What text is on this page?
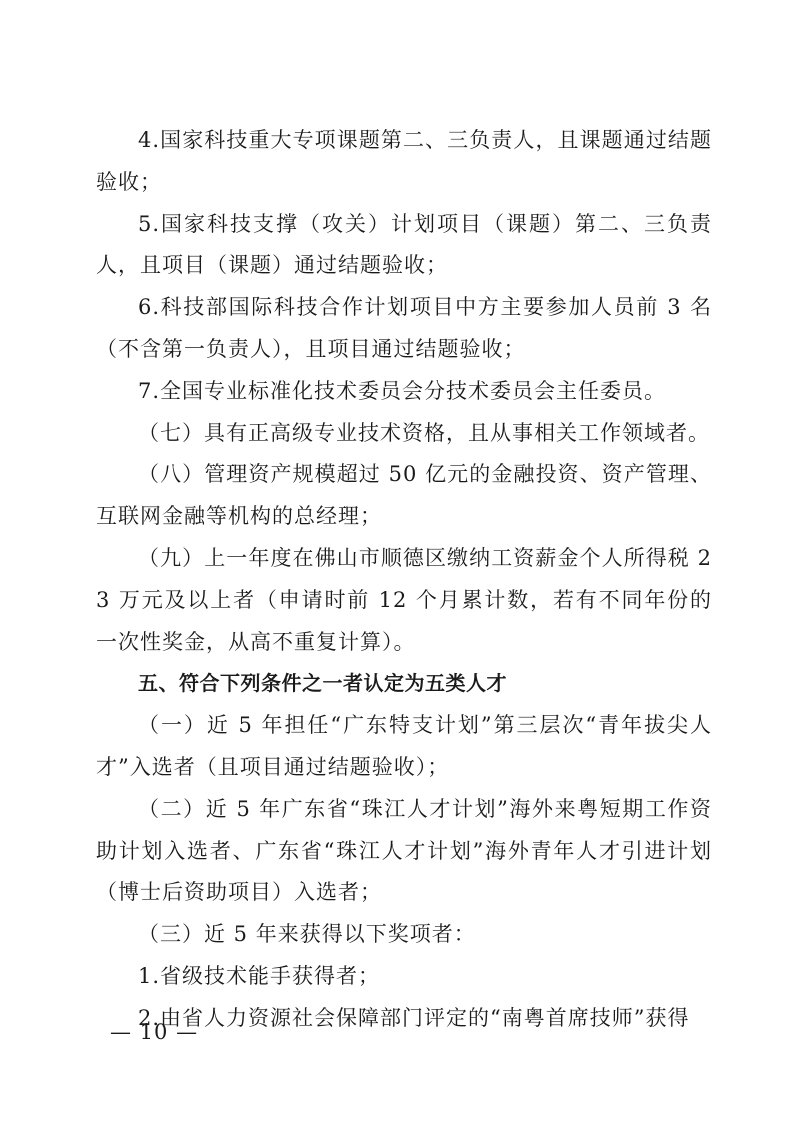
4.国家科技重大专项课题第二、三负责人，且课题通过结题验收；

5.国家科技支撑（攻关）计划项目（课题）第二、三负责人，且项目（课题）通过结题验收；

6.科技部国际科技合作计划项目中方主要参加人员前 3 名（不含第一负责人），且项目通过结题验收；

7.全国专业标准化技术委员会分技术委员会主任委员。

（七）具有正高级专业技术资格，且从事相关工作领域者。

（八）管理资产规模超过 50 亿元的金融投资、资产管理、互联网金融等机构的总经理；

（九）上一年度在佛山市顺德区缴纳工资薪金个人所得税 23 万元及以上者（申请时前 12 个月累计数，若有不同年份的一次性奖金，从高不重复计算）。

五、符合下列条件之一者认定为五类人才

（一）近 5 年担任“广东特支计划”第三层次“青年拔尖人才”入选者（且项目通过结题验收）；

（二）近 5 年广东省“珠江人才计划”海外来粤短期工作资助计划入选者、广东省“珠江人才计划”海外青年人才引进计划（博士后资助项目）入选者；

（三）近 5 年来获得以下奖项者：

1.省级技术能手获得者；

2.由省人力资源社会保障部门评定的“南粤首席技师”获得

— 10 —
